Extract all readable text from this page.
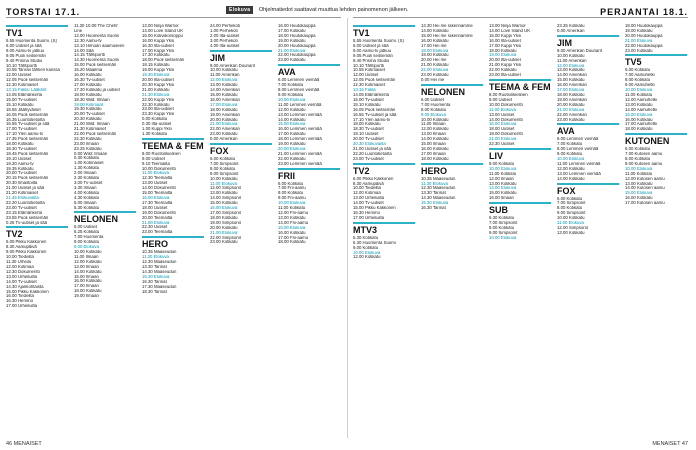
TORSTAI 17.1.	Elokuva Ohjelmatiedot saattavat muuttua lehden painomenon jälkeen.	PERJANTAI 18.1.
TV1
5.55 Huomenta Suomi. (S)
6.00 Uutiset ja sää
9.00 Aamu-tv jatkuu
9.05 Puoli seitsemän
9.40 Prisma Studio
10.10 Tähtiportti
10.55 Tanssii tähtien kanssa
12.00 Uutiset
12.05 Puoli seitsemän
12.30 Kotimaiset
13.15 Fakta: Lääkärit
14.05 Elämänkerta
15.00 Tv-uutiset
15.10 Kotikatu
15.55 Jäähyväiset
16.05 Puoli seitsemän
16.35 Luontotietoilta
16.55 Tv-uutiset ja sää
17.00 Tv-uutiset
17.10 Ylen aamu-tv
17.35 Puoli seitsemän
18.00 Kotikatu
18.30 Tv-uutiset
18.45 Puoli seitsemän
19.10 Uutiset
19.20 Aamu-tv
19.35 Kotikatu
20.00 Tv-uutiset
20.15 Puoli seitsemän
20.30 Ilmastoilta
21.00 Uutiset ja sää
21.20 Kotimaiset
21.45 Elokuvailta
22.20 Luontotietoilta
23.00 Tv-uutiset
23.15 Elämänkerta
23.55 Puoli seitsemän
0.25 Tv-uutiset ja sää
TV2
6.00 Pikku Kakkonen
8.30 Aamupäivä
9.00 Pikku Kakkonen
10.00 Tiedeilta
11.30 Urheilu
12.00 Kotimaa
12.30 Dokumentti
13.00 Urheiluilta
14.00 Tv-uutiset
14.30 Ajankohtaista
15.00 Pikku Kakkonen
16.00 Tiedeilta
16.30 Hemmo
17.00 Urheiluilta
11.30 10.00 The Chefs'
Line
12.00 Huomenta Suomi
12.30 Aamu-tv
13.10 Himoan aaamuseen
14.00 Sää
14.15 Tähtiportti
14.30 Huomenta Suomi
15.00 Puoli seitsemän
15.20 Maailma
16.00 Kotikatu
16.30 Tv-uutiset
17.00 Kotikatu
17.20 Kotikatu ja uutiset
18.00 Kotikatu
18.30 Wild: Ilmaan
19.00 Kotimaat
19.30 Kotikatu
20.00 Tv-uutiset
20.30 Kotikatu
21.00 Wild: Ilmaan
21.30 Kotimaiset
22.00 Puoli seitsemän
22.30 Kotikatu
23.00 Ilmaan
23.25 Kotikatu
0.00 Wild: Ilmaan
0.30 Kotikatu
1.00 Kotimaiset
1.30 Kotikatu
2.00 Ilmaan
2.30 Kotikatu
3.00 Tv-uutiset
3.30 Ilmaan
4.00 Kotikatu
4.30 Kotikatu
5.00 Ilmaan
5.30 Kotikatu
NELONEN
6.00 Uutiset
6.25 Kotikatu
7.00 Huomenta
8.00 Kotikatu
9.00 Elokuva
10.00 Kotikatu
11.00 Ilmaan
12.00 Kotikatu
13.00 Ilmaan
14.00 Kotikatu
15.00 Ilmaan
16.00 Kotikatu
17.00 Ilmaan
18.00 Kotikatu
19.00 Ilmaan
13.00 Ninja Warrior
14.00 Love Island UK
15.00 Kotiviikonloppu
16.00 Kuppi Yksi
16.30 Ilta-uutiset
17.00 Kuppi Yksi
17.30 Kotikatu
18.00 Puoli seitsemän
18.15 Kotikatu
19.00 Kuppi Yksi
19.30 Elokuva
20.00 Ilta-uutiset
20.30 Kuppi Yksi
21.00 Kotikatu
21.30 Elokuva
22.00 Kuppi Yksi
22.30 Kotikatu
23.00 Ilta-uutiset
23.30 Kuppi Yksi
0.00 Kotikatu
0.30 Ilta-uutiset
1.00 Kuppi Yksi
1.30 Kotikatu
TEEMA & FEM
8.00 Ruotsinkielinen
9.00 Uutiset
9.10 Teemailta
10.00 Dokumentti
11.00 Elokuva
12.30 Teemailta
13.00 Uutiset
14.00 Dokumentti
15.00 Teemailta
16.00 Elokuva
17.30 Teemailta
18.00 Uutiset
19.00 Dokumentti
20.00 Teemailta
21.00 Elokuva
22.30 Uutiset
23.00 Teemailta
HERO
10.35 Maaseudun
11.30 Elokuva
12.30 Maaseudun
13.30 Tarinat
14.30 Maaseudun
15.30 Elokuva
16.30 Tarinat
17.30 Maaseudun
18.30 Tarinat
24.00 Perhekoti
1.00 Perhekoti
2.00 Ilta-uutiset
3.00 Perhekoti
4.00 Ilta-uutiset
JIM
9.00 Amerikan Duunarit
10.00 Kotikatu
11.00 Amerikan
12.00 Elokuva
13.00 Kotikatu
14.00 Amerikan
15.00 Kotikatu
16.00 Amerikan
17.00 Elokuva
18.00 Kotikatu
19.00 Amerikan
20.00 Kotikatu
21.00 Elokuva
22.00 Amerikan
23.00 Kotikatu
0.00 Amerikan
FOX
6.00 Kotikatu
7.00 Simpsonit
8.00 Kotikatu
9.00 Simpsonit
10.00 Kotikatu
11.00 Elokuva
12.00 Simpsonit
13.00 Kotikatu
14.00 Simpsonit
15.00 Kotikatu
16.00 Elokuva
17.00 Simpsonit
18.00 Kotikatu
19.00 Simpsonit
20.00 Kotikatu
21.00 Elokuva
22.00 Simpsonit
23.00 Kotikatu
16.00 Huutokauppa
17.00 Kotikatu
18.00 Huutokauppa
19.00 Kotikatu
20.00 Huutokauppa
21.00 Elokuva
22.00 Huutokauppa
23.00 Kotikatu
AVA
6.00 Lemmen viemää
7.00 Kotikatu
8.00 Lemmen viemää
9.00 Kotikatu
10.00 Elokuva
11.00 Lemmen viemää
12.00 Kotikatu
13.00 Lemmen viemää
14.00 Kotikatu
15.00 Elokuva
16.00 Lemmen viemää
17.00 Kotikatu
18.00 Lemmen viemää
19.00 Kotikatu
20.00 Elokuva
21.00 Lemmen viemää
22.00 Kotikatu
23.00 Lemmen viemää
FRII
6.00 Kotikatu
7.00 Frii-aamu
8.00 Kotikatu
9.00 Frii-aamu
10.00 Elokuva
11.00 Kotikatu
12.00 Frii-aamu
13.00 Kotikatu
14.00 Frii-aamu
15.00 Elokuva
16.00 Kotikatu
17.00 Frii-aamu
18.00 Kotikatu
TV1
5.55 Huomenta Suomi. (S)
6.00 Uutiset ja sää
9.00 Aamu-tv jatkuu
9.05 Puoli seitsemän
9.40 Prisma Studio
10.10 Tähtiportti
10.55 Kotimaiset
12.00 Uutiset
12.05 Puoli seitsemän
12.30 Kotimaiset
13.15 Fakta
14.05 Elämänkerta
15.00 Tv-uutiset
15.10 Kotikatu
16.05 Puoli seitsemän
16.55 Tv-uutiset ja sää
17.10 Ylen aamu-tv
18.00 Kotikatu
18.30 Tv-uutiset
19.10 Uutiset
20.00 Tv-uutiset
20.30 Elokuvailta
21.00 Uutiset ja sää
22.20 Luontotietoilta
23.00 Tv-uutiset
TV2
6.00 Pikku Kakkonen
8.30 Aamupäivä
10.00 Tiedeilta
12.00 Kotimaa
13.00 Urheiluilta
14.00 Tv-uutiset
15.00 Pikku Kakkonen
16.30 Hemmo
17.00 Urheiluilta
MTV3
5.30 Kotikatu
6.30 Huomenta Suomi
9.00 Kotikatu
10.00 Elokuva
12.00 Kotikatu
13.30 Hei me rakennamme
14.00 Kotikatu
15.00 Hei me rakennamme
16.00 Kotikatu
17.00 Hei me
18.00 Elokuva
19.00 Kotikatu
20.00 Hei me
21.00 Kotikatu
22.00 Elokuva
23.00 Kotikatu
0.00 Hei me
NELONEN
6.00 Uutiset
7.00 Huomenta
8.00 Kotikatu
9.00 Elokuva
10.00 Kotikatu
11.00 Ilmaan
12.00 Kotikatu
13.00 Ilmaan
14.00 Kotikatu
15.00 Ilmaan
16.00 Kotikatu
17.00 Ilmaan
18.00 Kotikatu
HERO
10.35 Maaseudun
11.30 Elokuva
12.30 Maaseudun
13.30 Tarinat
14.30 Maaseudun
15.30 Elokuva
16.30 Tarinat
13.00 Ninja Warrior
14.00 Love Island UK
15.00 Kuppi Yksi
16.00 Ilta-uutiset
17.00 Kuppi Yksi
18.00 Kotikatu
19.00 Elokuva
20.00 Ilta-uutiset
21.00 Kuppi Yksi
22.00 Kotikatu
23.00 Ilta-uutiset
TEEMA & FEM
8.00 Ruotsinkielinen
9.00 Uutiset
10.00 Dokumentti
11.00 Elokuva
13.00 Uutiset
14.00 Dokumentti
16.00 Elokuva
18.00 Uutiset
19.00 Dokumentti
21.00 Elokuva
22.30 Uutiset
LIV
9.00 Kotikatu
10.00 Elokuva
11.00 Kotikatu
12.00 Ilmaan
13.00 Kotikatu
14.00 Elokuva
15.00 Kotikatu
16.00 Ilmaan
SUB
6.30 Kotikatu
7.00 Simpsonit
8.00 Kotikatu
9.00 Simpsonit
10.00 Elokuva
23.25 Kotikatu
0.00 Amerikan
JIM
9.00 Amerikan Duunarit
10.00 Kotikatu
11.00 Amerikan
12.00 Elokuva
13.00 Kotikatu
14.00 Amerikan
15.00 Kotikatu
16.00 Amerikan
17.00 Elokuva
18.00 Kotikatu
19.00 Amerikan
20.00 Kotikatu
21.00 Elokuva
22.00 Amerikan
23.00 Kotikatu
AVA
6.00 Lemmen viemää
7.00 Kotikatu
8.00 Lemmen viemää
9.00 Kotikatu
10.00 Elokuva
11.00 Lemmen viemää
12.00 Kotikatu
13.00 Lemmen viemää
14.00 Kotikatu
FOX
6.00 Kotikatu
7.00 Simpsonit
8.00 Kotikatu
9.00 Simpsonit
10.00 Kotikatu
11.00 Elokuva
12.00 Simpsonit
13.00 Kotikatu
18.00 Huutokauppa
19.00 Kotikatu
20.00 Huutokauppa
21.00 Elokuva
22.00 Huutokauppa
23.00 Kotikatu
TV5
6.00 Kotikatu
7.00 Aamuhetki
8.00 Kotikatu
9.00 Aamuhetki
10.00 Elokuva
11.00 Kotikatu
12.00 Aamuhetki
13.00 Kotikatu
14.00 Aamuhetki
15.00 Elokuva
16.00 Kotikatu
17.00 Aamuhetki
18.00 Kotikatu
KUTONEN
6.00 Kotikatu
7.00 Kutosen aamu
8.00 Kotikatu
9.00 Kutosen aamu
10.00 Elokuva
11.00 Kotikatu
12.00 Kutosen aamu
13.00 Kotikatu
14.00 Kutosen aamu
15.00 Elokuva
16.00 Kotikatu
17.00 Kutosen aamu
46 MENAISET	MENAISET 47
